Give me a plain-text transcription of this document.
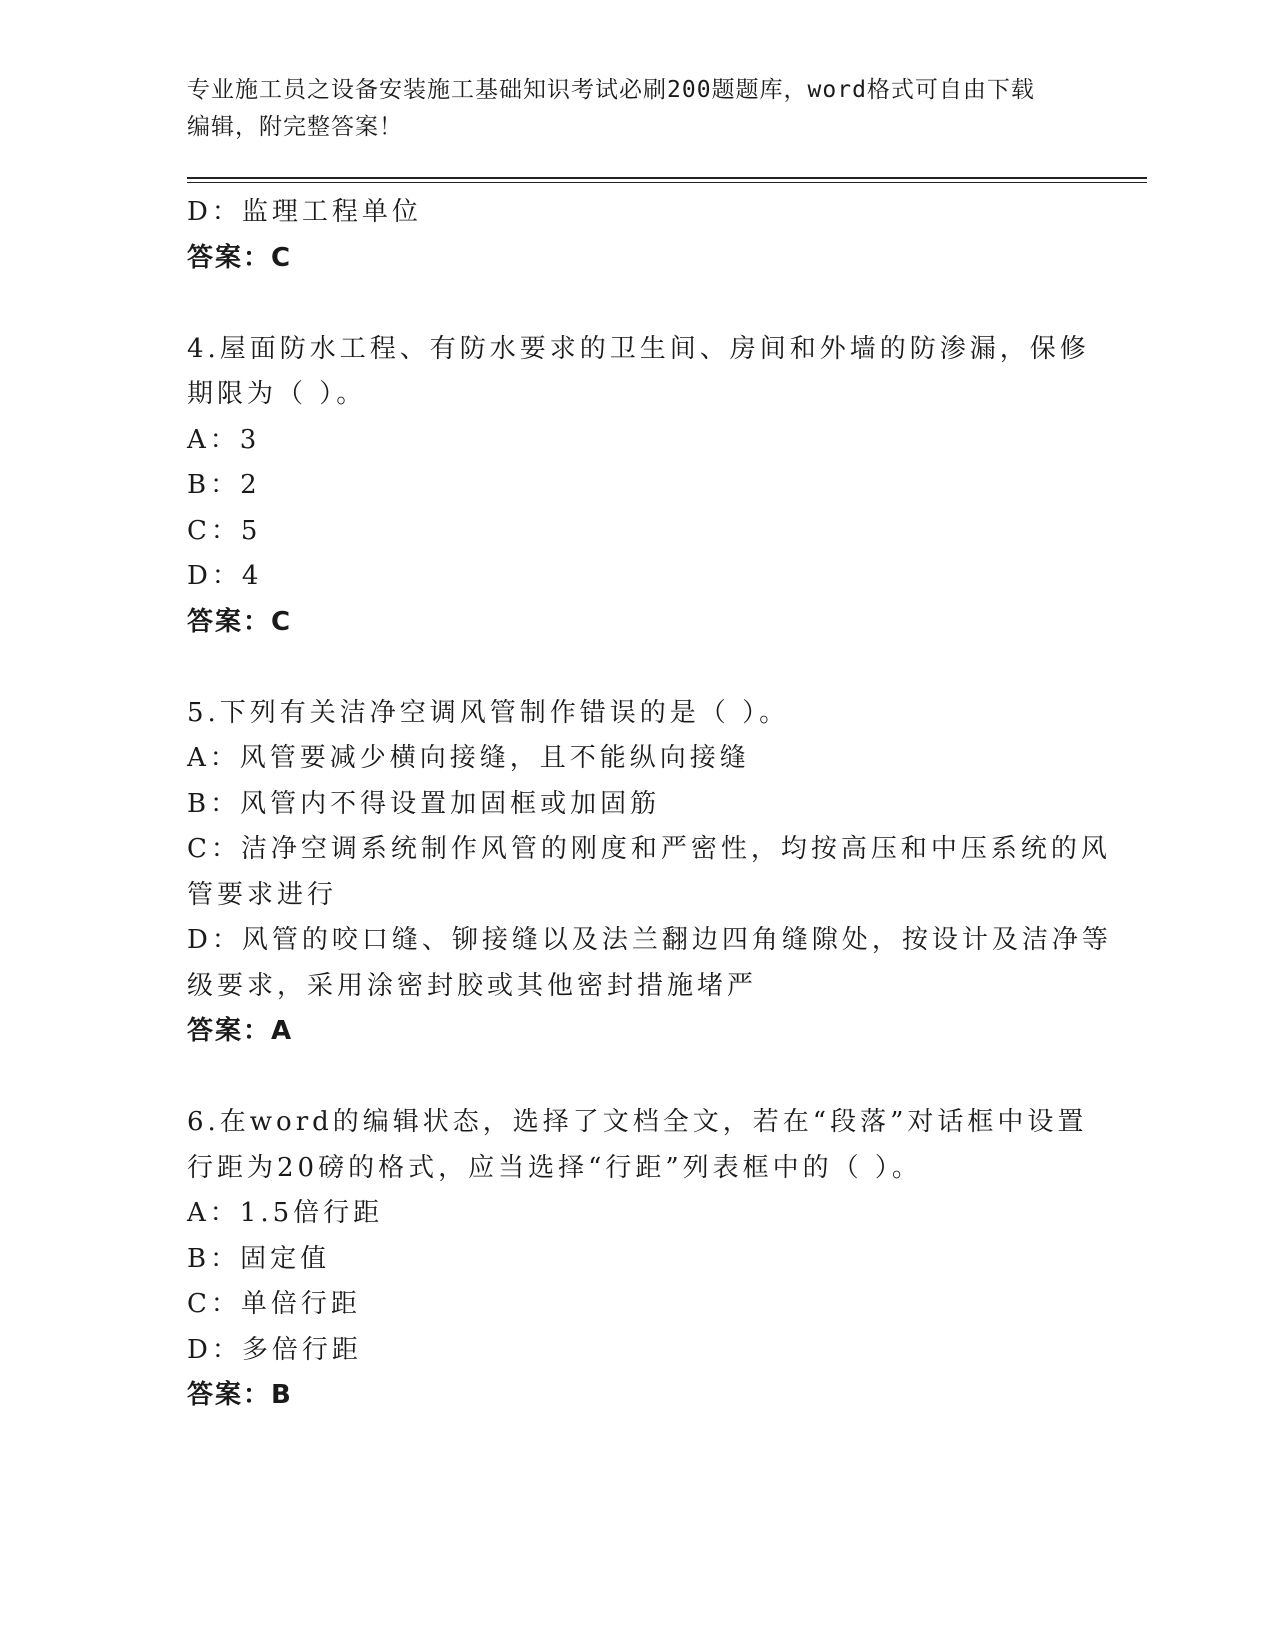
专业施工员之设备安装施工基础知识考试必刷200题题库，word格式可自由下载
编辑，附完整答案！
D：监理工程单位
答案：C
4.屋面防水工程、有防水要求的卫生间、房间和外墙的防渗漏，保修
期限为（ ）。
A：3
B：2
C：5
D：4
答案：C
5.下列有关洁净空调风管制作错误的是（ ）。
A：风管要减少横向接缝，且不能纵向接缝
B：风管内不得设置加固框或加固筋
C：洁净空调系统制作风管的刚度和严密性，均按高压和中压系统的风
管要求进行
D：风管的咬口缝、铆接缝以及法兰翻边四角缝隙处，按设计及洁净等
级要求，采用涂密封胶或其他密封措施堵严
答案：A
6.在word的编辑状态，选择了文档全文，若在“段落”对话框中设置
行距为20磅的格式，应当选择“行距”列表框中的（ ）。
A：1.5倍行距
B：固定值
C：单倍行距
D：多倍行距
答案：B
